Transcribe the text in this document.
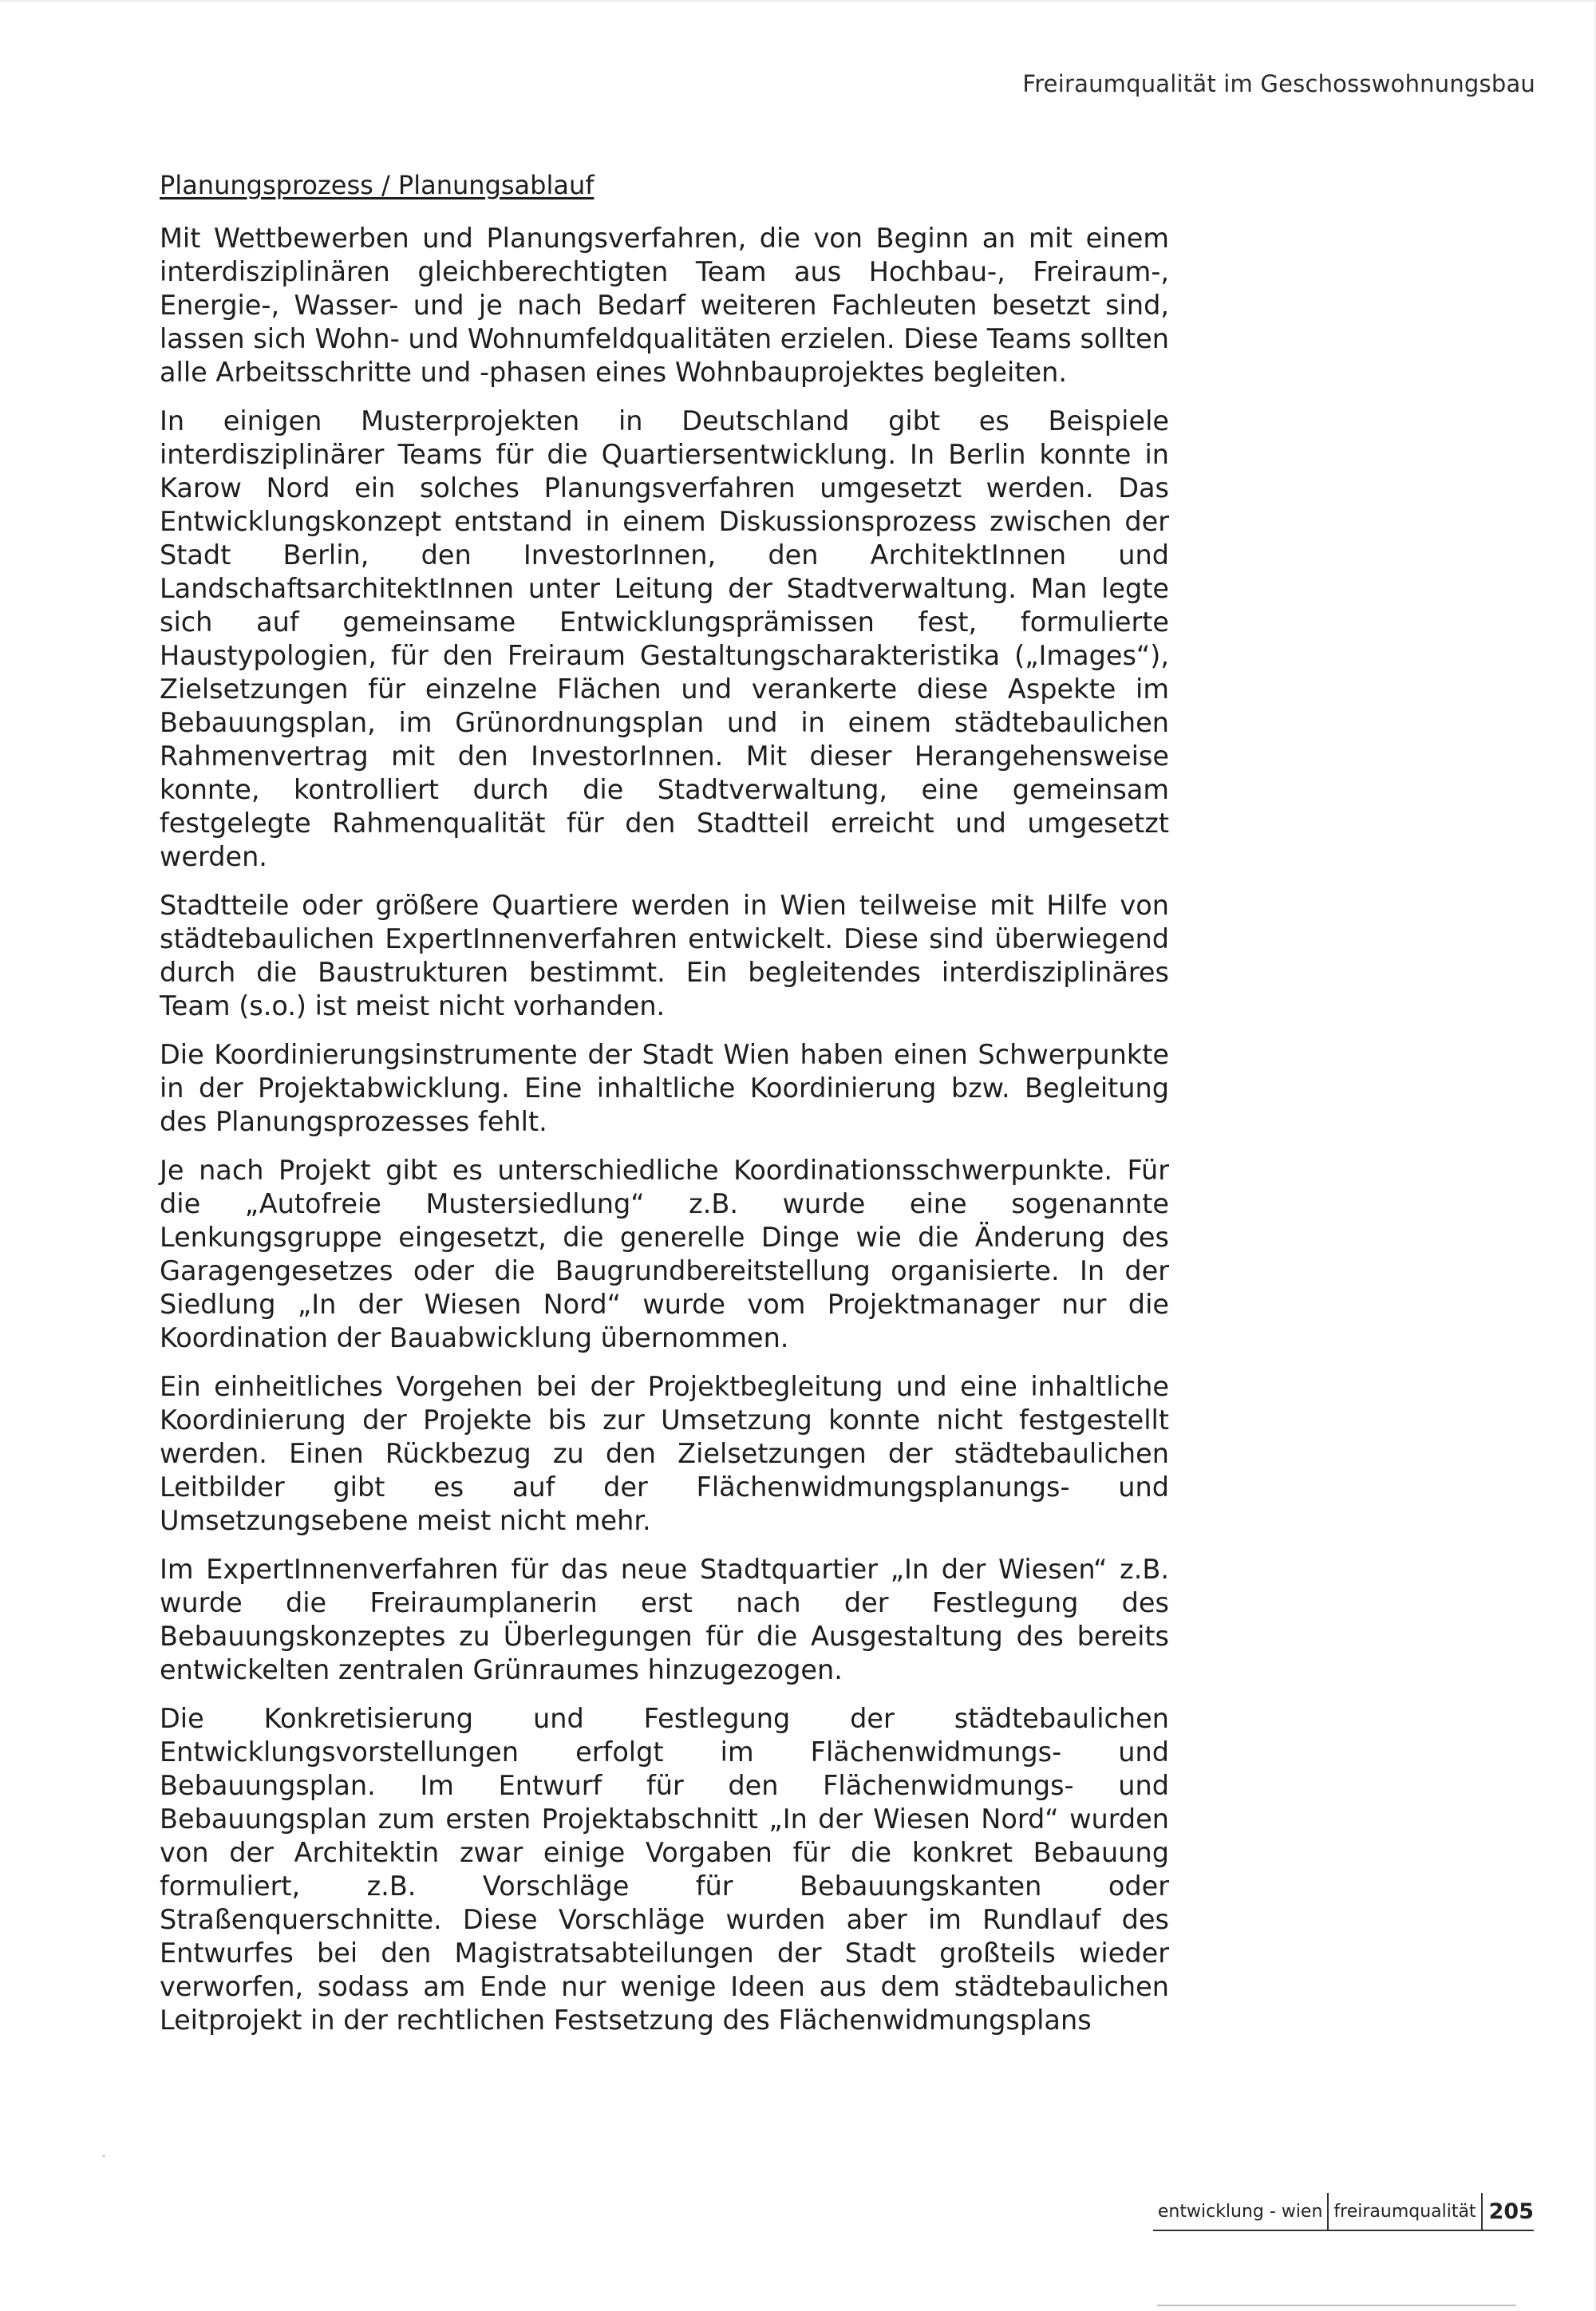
Freiraumqualität im Geschosswohnungsbau
Planungsprozess / Planungsablauf

Mit Wettbewerben und Planungsverfahren, die von Beginn an mit einem interdisziplinären gleichberechtigten Team aus Hochbau-, Freiraum-, Energie-, Wasser- und je nach Bedarf weiteren Fachleuten besetzt sind, lassen sich Wohn- und Wohnumfeldqualitäten erzielen. Diese Teams sollten alle Arbeitsschritte und -phasen eines Wohnbauprojektes begleiten.

In einigen Musterprojekten in Deutschland gibt es Beispiele interdisziplinärer Teams für die Quartiersentwicklung. In Berlin konnte in Karow Nord ein solches Planungsverfahren umgesetzt werden. Das Entwicklungskonzept entstand in einem Diskussionsprozess zwischen der Stadt Berlin, den InvestorInnen, den ArchitektInnen und LandschaftsarchitektInnen unter Leitung der Stadtverwaltung. Man legte sich auf gemeinsame Entwicklungsprämissen fest, formulierte Haustypologien, für den Freiraum Gestaltungscharakteristika („Images“), Zielsetzungen für einzelne Flächen und verankerte diese Aspekte im Bebauungsplan, im Grünordnungsplan und in einem städtebaulichen Rahmenvertrag mit den InvestorInnen. Mit dieser Herangehensweise konnte, kontrolliert durch die Stadtverwaltung, eine gemeinsam festgelegte Rahmenqualität für den Stadtteil erreicht und umgesetzt werden.

Stadtteile oder größere Quartiere werden in Wien teilweise mit Hilfe von städtebaulichen ExpertInnenverfahren entwickelt. Diese sind überwiegend durch die Baustrukturen bestimmt. Ein begleitendes interdisziplinäres Team (s.o.) ist meist nicht vorhanden.

Die Koordinierungsinstrumente der Stadt Wien haben einen Schwerpunkte in der Projektabwicklung. Eine inhaltliche Koordinierung bzw. Begleitung des Planungsprozesses fehlt.

Je nach Projekt gibt es unterschiedliche Koordinationsschwerpunkte. Für die „Autofreie Mustersiedlung“ z.B. wurde eine sogenannte Lenkungsgruppe eingesetzt, die generelle Dinge wie die Änderung des Garagengesetzes oder die Baugrundbereitstellung organisierte. In der Siedlung „In der Wiesen Nord“ wurde vom Projektmanager nur die Koordination der Bauabwicklung übernommen.

Ein einheitliches Vorgehen bei der Projektbegleitung und eine inhaltliche Koordinierung der Projekte bis zur Umsetzung konnte nicht festgestellt werden. Einen Rückbezug zu den Zielsetzungen der städtebaulichen Leitbilder gibt es auf der Flächenwidmungsplanungs- und Umsetzungsebene meist nicht mehr.

Im ExpertInnenverfahren für das neue Stadtquartier „In der Wiesen“ z.B. wurde die Freiraumplanerin erst nach der Festlegung des Bebauungskonzeptes zu Überlegungen für die Ausgestaltung des bereits entwickelten zentralen Grünraumes hinzugezogen.

Die Konkretisierung und Festlegung der städtebaulichen Entwicklungsvorstellungen erfolgt im Flächenwidmungs- und Bebauungsplan. Im Entwurf für den Flächenwidmungs- und Bebauungsplan zum ersten Projektabschnitt „In der Wiesen Nord“ wurden von der Architektin zwar einige Vorgaben für die konkret Bebauung formuliert, z.B. Vorschläge für Bebauungskanten oder Straßenquerschnitte. Diese Vorschläge wurden aber im Rundlauf des Entwurfes bei den Magistratsabteilungen der Stadt großteils wieder verworfen, sodass am Ende nur wenige Ideen aus dem städtebaulichen Leitprojekt in der rechtlichen Festsetzung des Flächenwidmungsplans

entwicklung - wien freiraumqualität 205
